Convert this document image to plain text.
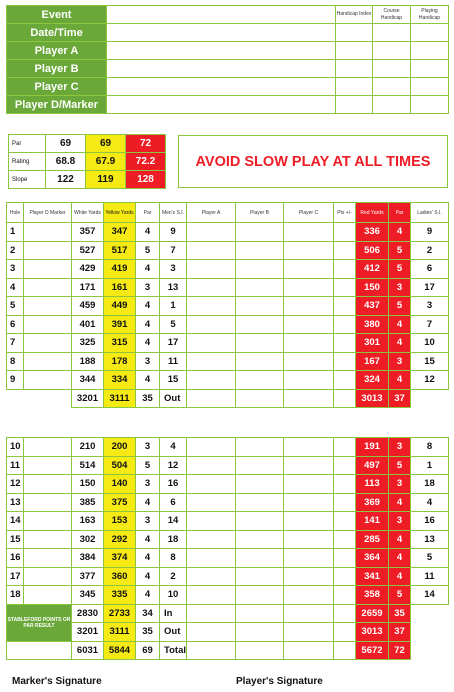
Event		Handicap Index	Course Handicap	Playing Handicap
Date/Time				
Player A				
Player B				
Player C				
Player D/Marker				
Par	69	69	72
Rating	68.8	67.9	72.2
Slope	122	119	128
AVOID SLOW PLAY AT ALL TIMES
Hole	Player D Marker	White Yards	Yellow Yards	Par	Men's S.I.	Player A	Player B	Player C	Pts +/-	Red Yards	Par	Ladies' S.I.
1		357	347	4	9					336	4	9
2		527	517	5	7					506	5	2
3		429	419	4	3					412	5	6
4		171	161	3	13					150	3	17
5		459	449	4	1					437	5	3
6		401	391	4	5					380	4	7
7		325	315	4	17					301	4	10
8		188	178	3	11					167	3	15
9		344	334	4	15					324	4	12
		3201	3111	35	Out					3013	37	
10		210	200	3	4					191	3	8
11		514	504	5	12					497	5	1
12		150	140	3	16					113	3	18
13		385	375	4	6					369	4	4
14		163	153	3	14					141	3	16
15		302	292	4	18					285	4	13
16		384	374	4	8					364	4	5
17		377	360	4	2					341	4	11
18		345	335	4	10					358	5	14
STABLEFORD POINTS OR PAR RESULT		2830	2733	34	In					2659	35	
		3201	3111	35	Out					3013	37	
		6031	5844	69	Total					5672	72	
Marker's Signature	Player's Signature
